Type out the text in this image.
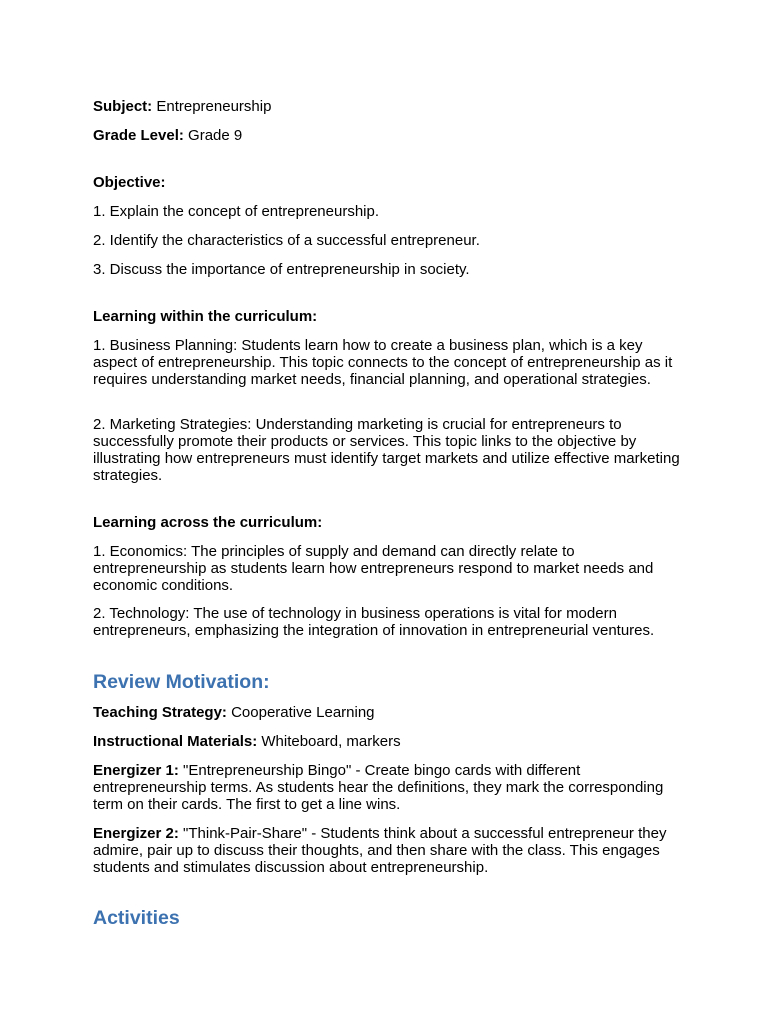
Subject: Entrepreneurship

Grade Level: Grade 9

Objective:

1. Explain the concept of entrepreneurship.

2. Identify the characteristics of a successful entrepreneur.

3. Discuss the importance of entrepreneurship in society.

Learning within the curriculum:

1. Business Planning: Students learn how to create a business plan, which is a key aspect of entrepreneurship. This topic connects to the concept of entrepreneurship as it requires understanding market needs, financial planning, and operational strategies.

2. Marketing Strategies: Understanding marketing is crucial for entrepreneurs to successfully promote their products or services. This topic links to the objective by illustrating how entrepreneurs must identify target markets and utilize effective marketing strategies.

Learning across the curriculum:

1. Economics: The principles of supply and demand can directly relate to entrepreneurship as students learn how entrepreneurs respond to market needs and economic conditions.

2. Technology: The use of technology in business operations is vital for modern entrepreneurs, emphasizing the integration of innovation in entrepreneurial ventures.

Review Motivation:

Teaching Strategy: Cooperative Learning

Instructional Materials: Whiteboard, markers

Energizer 1: "Entrepreneurship Bingo" - Create bingo cards with different entrepreneurship terms. As students hear the definitions, they mark the corresponding term on their cards. The first to get a line wins.

Energizer 2: "Think-Pair-Share" - Students think about a successful entrepreneur they admire, pair up to discuss their thoughts, and then share with the class. This engages students and stimulates discussion about entrepreneurship.

Activities
